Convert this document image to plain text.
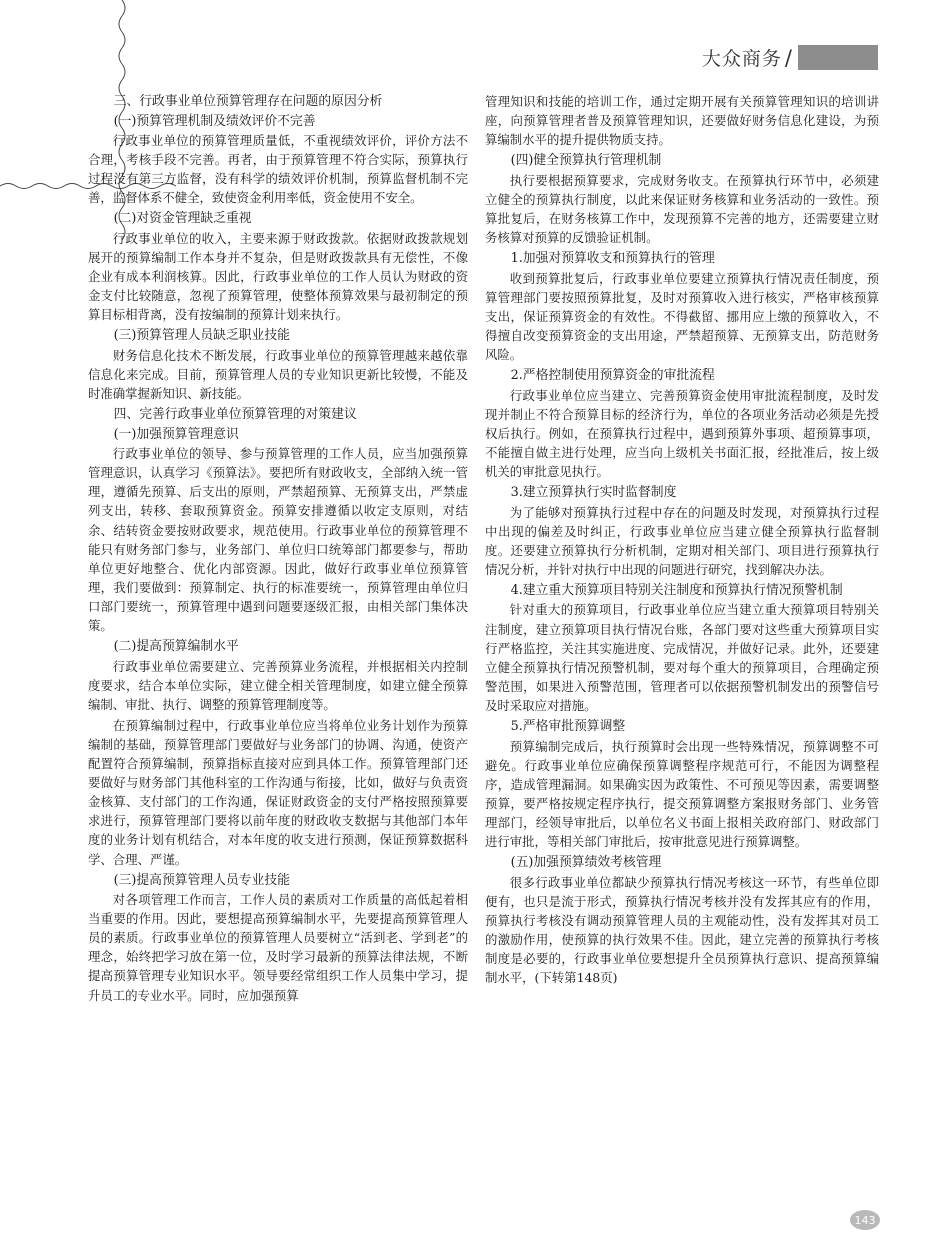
大众商务 /
三、行政事业单位预算管理存在问题的原因分析
(一)预算管理机制及绩效评价不完善

行政事业单位的预算管理质量低，不重视绩效评价，评价方法不合理，考核手段不完善。再者，由于预算管理不符合实际，预算执行过程没有第三方监督，没有科学的绩效评价机制，预算监督机制不完善，监督体系不健全，致使资金利用率低，资金使用不安全。

(二)对资金管理缺乏重视

行政事业单位的收入，主要来源于财政拨款。依据财政拨款规划展开的预算编制工作本身并不复杂，但是财政拨款具有无偿性，不像企业有成本利润核算。因此，行政事业单位的工作人员认为财政的资金支付比较随意，忽视了预算管理，使整体预算效果与最初制定的预算目标相背离，没有按编制的预算计划来执行。

(三)预算管理人员缺乏职业技能

财务信息化技术不断发展，行政事业单位的预算管理越来越依靠信息化来完成。目前，预算管理人员的专业知识更新比较慢，不能及时准确掌握新知识、新技能。

四、完善行政事业单位预算管理的对策建议
(一)加强预算管理意识

行政事业单位的领导、参与预算管理的工作人员，应当加强预算管理意识，认真学习《预算法》。要把所有财政收支，全部纳入统一管理，遵循先预算、后支出的原则，严禁超预算、无预算支出，严禁虚列支出，转移、套取预算资金。预算安排遵循以收定支原则，对结余、结转资金要按财政要求，规范使用。行政事业单位的预算管理不能只有财务部门参与，业务部门、单位归口统筹部门都要参与，帮助单位更好地整合、优化内部资源。因此，做好行政事业单位预算管理，我们要做到：预算制定、执行的标准要统一，预算管理由单位归口部门要统一，预算管理中遇到问题要逐级汇报，由相关部门集体决策。

(二)提高预算编制水平

行政事业单位需要建立、完善预算业务流程，并根据相关内控制度要求，结合本单位实际，建立健全相关管理制度，如建立健全预算编制、审批、执行、调整的预算管理制度等。

在预算编制过程中，行政事业单位应当将单位业务计划作为预算编制的基础，预算管理部门要做好与业务部门的协调、沟通，使资产配置符合预算编制，预算指标直接对应到具体工作。预算管理部门还要做好与财务部门其他科室的工作沟通与衔接，比如，做好与负责资金核算、支付部门的工作沟通，保证财政资金的支付严格按照预算要求进行，预算管理部门要将以前年度的财政收支数据与其他部门本年度的业务计划有机结合，对本年度的收支进行预测，保证预算数据科学、合理、严谨。

(三)提高预算管理人员专业技能

对各项管理工作而言，工作人员的素质对工作质量的高低起着相当重要的作用。因此，要想提高预算编制水平，先要提高预算管理人员的素质。行政事业单位的预算管理人员要树立“活到老、学到老”的理念，始终把学习放在第一位，及时学习最新的预算法律法规，不断提高预算管理专业知识水平。领导要经常组织工作人员集中学习，提升员工的专业水平。同时，应加强预算

管理知识和技能的培训工作，通过定期开展有关预算管理知识的培训讲座，向预算管理者普及预算管理知识，还要做好财务信息化建设，为预算编制水平的提升提供物质支持。

(四)健全预算执行管理机制

执行要根据预算要求，完成财务收支。在预算执行环节中，必须建立健全的预算执行制度，以此来保证财务核算和业务活动的一致性。预算批复后，在财务核算工作中，发现预算不完善的地方，还需要建立财务核算对预算的反馈验证机制。

1.加强对预算收支和预算执行的管理

收到预算批复后，行政事业单位要建立预算执行情况责任制度，预算管理部门要按照预算批复，及时对预算收入进行核实，严格审核预算支出，保证预算资金的有效性。不得截留、挪用应上缴的预算收入，不得擅自改变预算资金的支出用途，严禁超预算、无预算支出，防范财务风险。

2.严格控制使用预算资金的审批流程

行政事业单位应当建立、完善预算资金使用审批流程制度，及时发现并制止不符合预算目标的经济行为，单位的各项业务活动必须是先授权后执行。例如，在预算执行过程中，遇到预算外事项、超预算事项，不能擅自做主进行处理，应当向上级机关书面汇报，经批准后，按上级机关的审批意见执行。

3.建立预算执行实时监督制度

为了能够对预算执行过程中存在的问题及时发现，对预算执行过程中出现的偏差及时纠正，行政事业单位应当建立健全预算执行监督制度。还要建立预算执行分析机制，定期对相关部门、项目进行预算执行情况分析，并针对执行中出现的问题进行研究，找到解决办法。

4.建立重大预算项目特别关注制度和预算执行情况预警机制

针对重大的预算项目，行政事业单位应当建立重大预算项目特别关注制度，建立预算项目执行情况台账，各部门要对这些重大预算项目实行严格监控，关注其实施进度、完成情况，并做好记录。此外，还要建立健全预算执行情况预警机制，要对每个重大的预算项目，合理确定预警范围，如果进入预警范围，管理者可以依据预警机制发出的预警信号及时采取应对措施。

5.严格审批预算调整

预算编制完成后，执行预算时会出现一些特殊情况，预算调整不可避免。行政事业单位应确保预算调整程序规范可行，不能因为调整程序，造成管理漏洞。如果确实因为政策性、不可预见等因素，需要调整预算，要严格按规定程序执行，提交预算调整方案报财务部门、业务管理部门，经领导审批后，以单位名义书面上报相关政府部门、财政部门进行审批，等相关部门审批后，按审批意见进行预算调整。

(五)加强预算绩效考核管理

很多行政事业单位都缺少预算执行情况考核这一环节，有些单位即便有，也只是流于形式，预算执行情况考核并没有发挥其应有的作用，预算执行考核没有调动预算管理人员的主观能动性，没有发挥其对员工的激励作用，使预算的执行效果不佳。因此，建立完善的预算执行考核制度是必要的，行政事业单位要想提升全员预算执行意识、提高预算编制水平，(下转第148页)

143
